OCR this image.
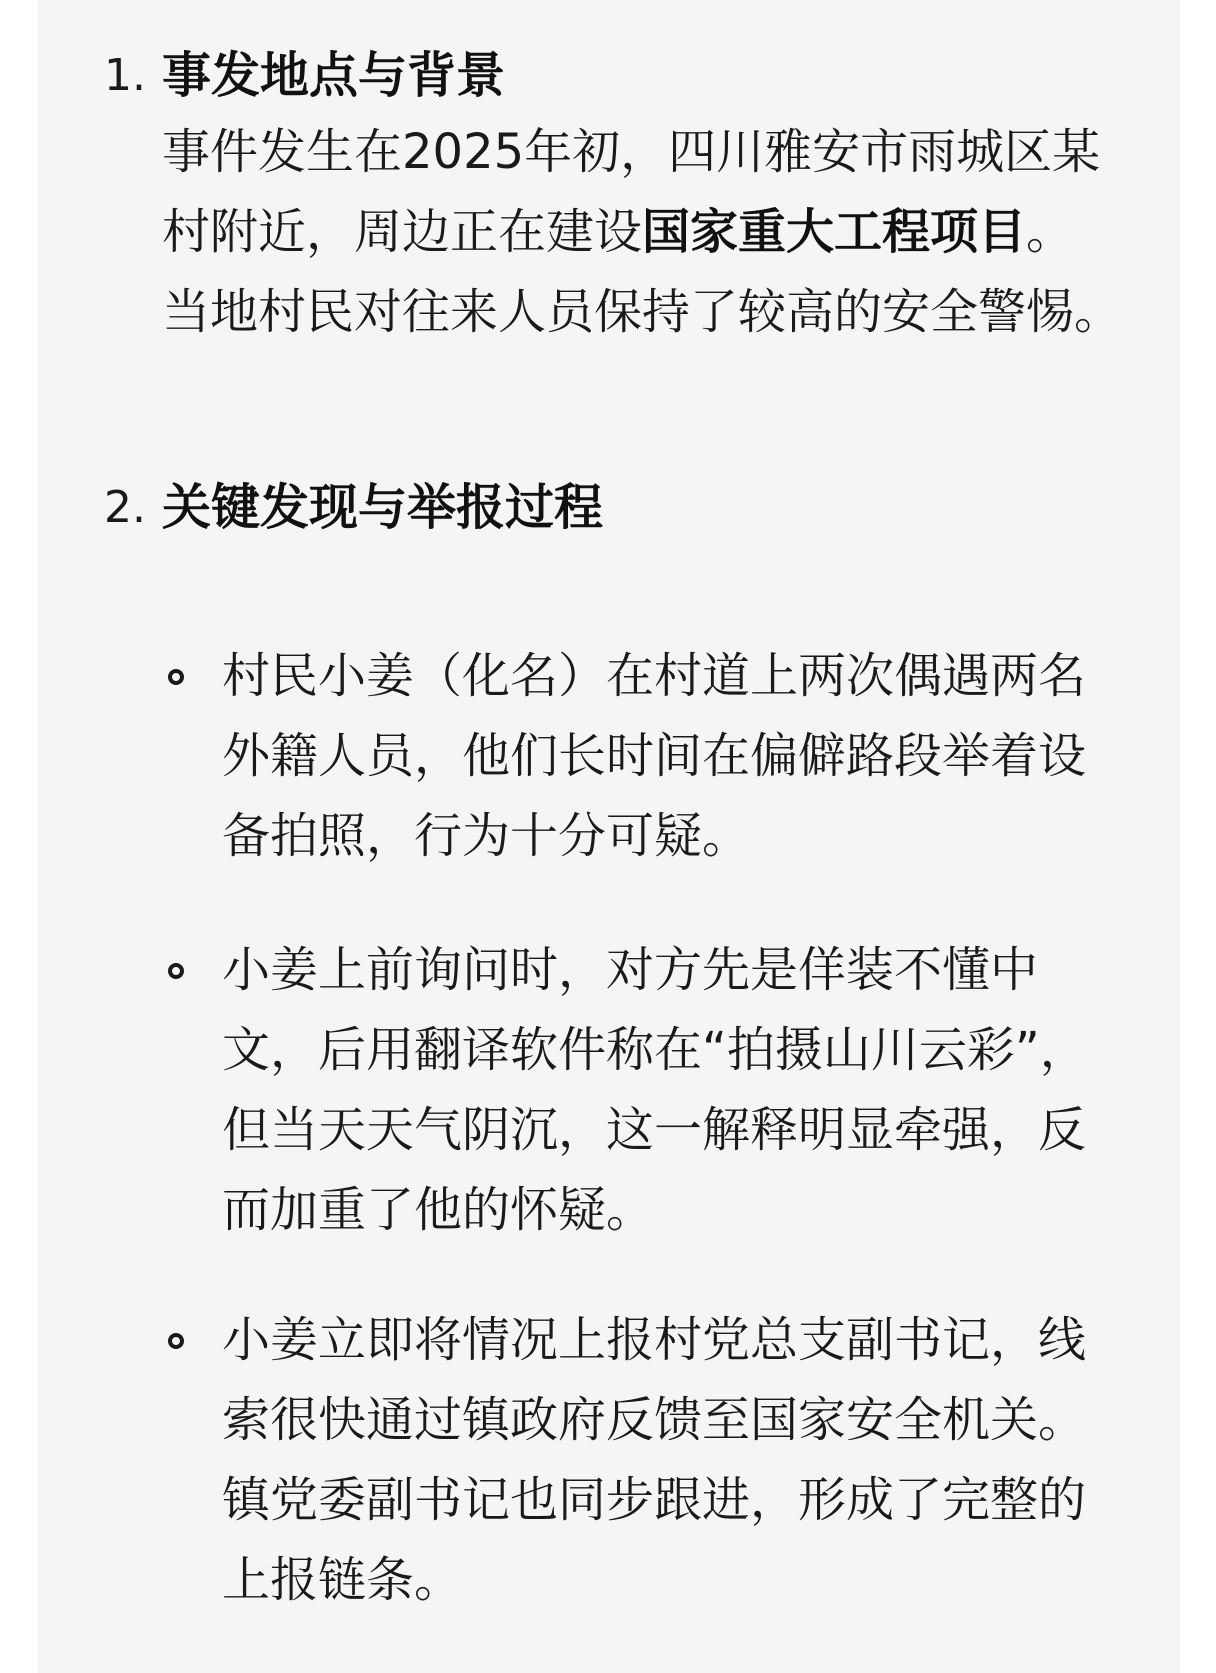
1. 事发地点与背景

事件发生在2025年初，四川雅安市雨城区某村附近，周边正在建设国家重大工程项目。当地村民对往来人员保持了较高的安全警惕。

2. 关键发现与举报过程

村民小姜（化名）在村道上两次偶遇两名外籍人员，他们长时间在偏僻路段举着设备拍照，行为十分可疑。

小姜上前询问时，对方先是佯装不懂中文，后用翻译软件称在“拍摄山川云彩”，但当天天气阴沉，这一解释明显牵强，反而加重了他的怀疑。

小姜立即将情况上报村党总支副书记，线索很快通过镇政府反馈至国家安全机关。镇党委副书记也同步跟进，形成了完整的上报链条。
